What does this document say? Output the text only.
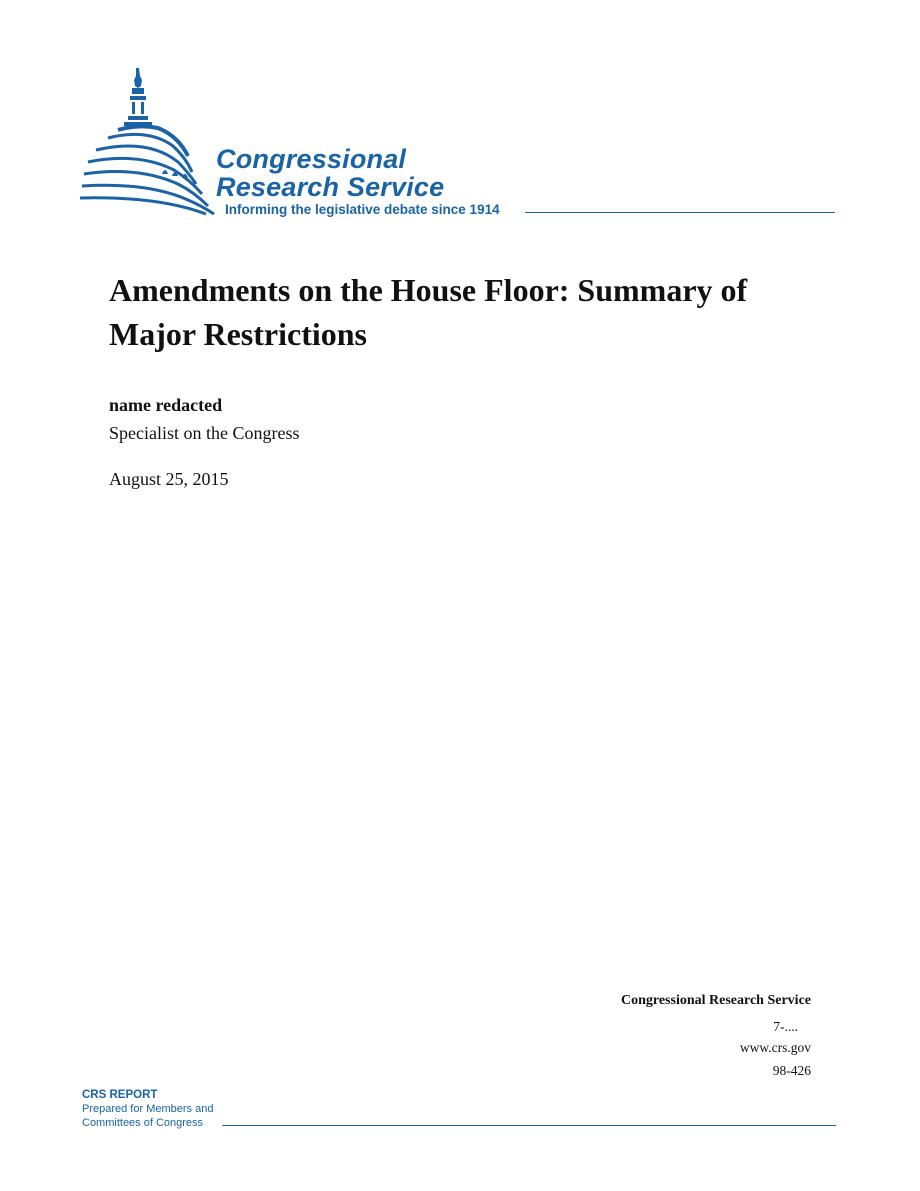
Congressional
Research Service
Informing the legislative debate since 1914
Amendments on the House Floor: Summary of Major Restrictions
name redacted
Specialist on the Congress
August 25, 2015
Congressional Research Service
7-....
www.crs.gov
98-426
CRS REPORT
Prepared for Members and
Committees of Congress
